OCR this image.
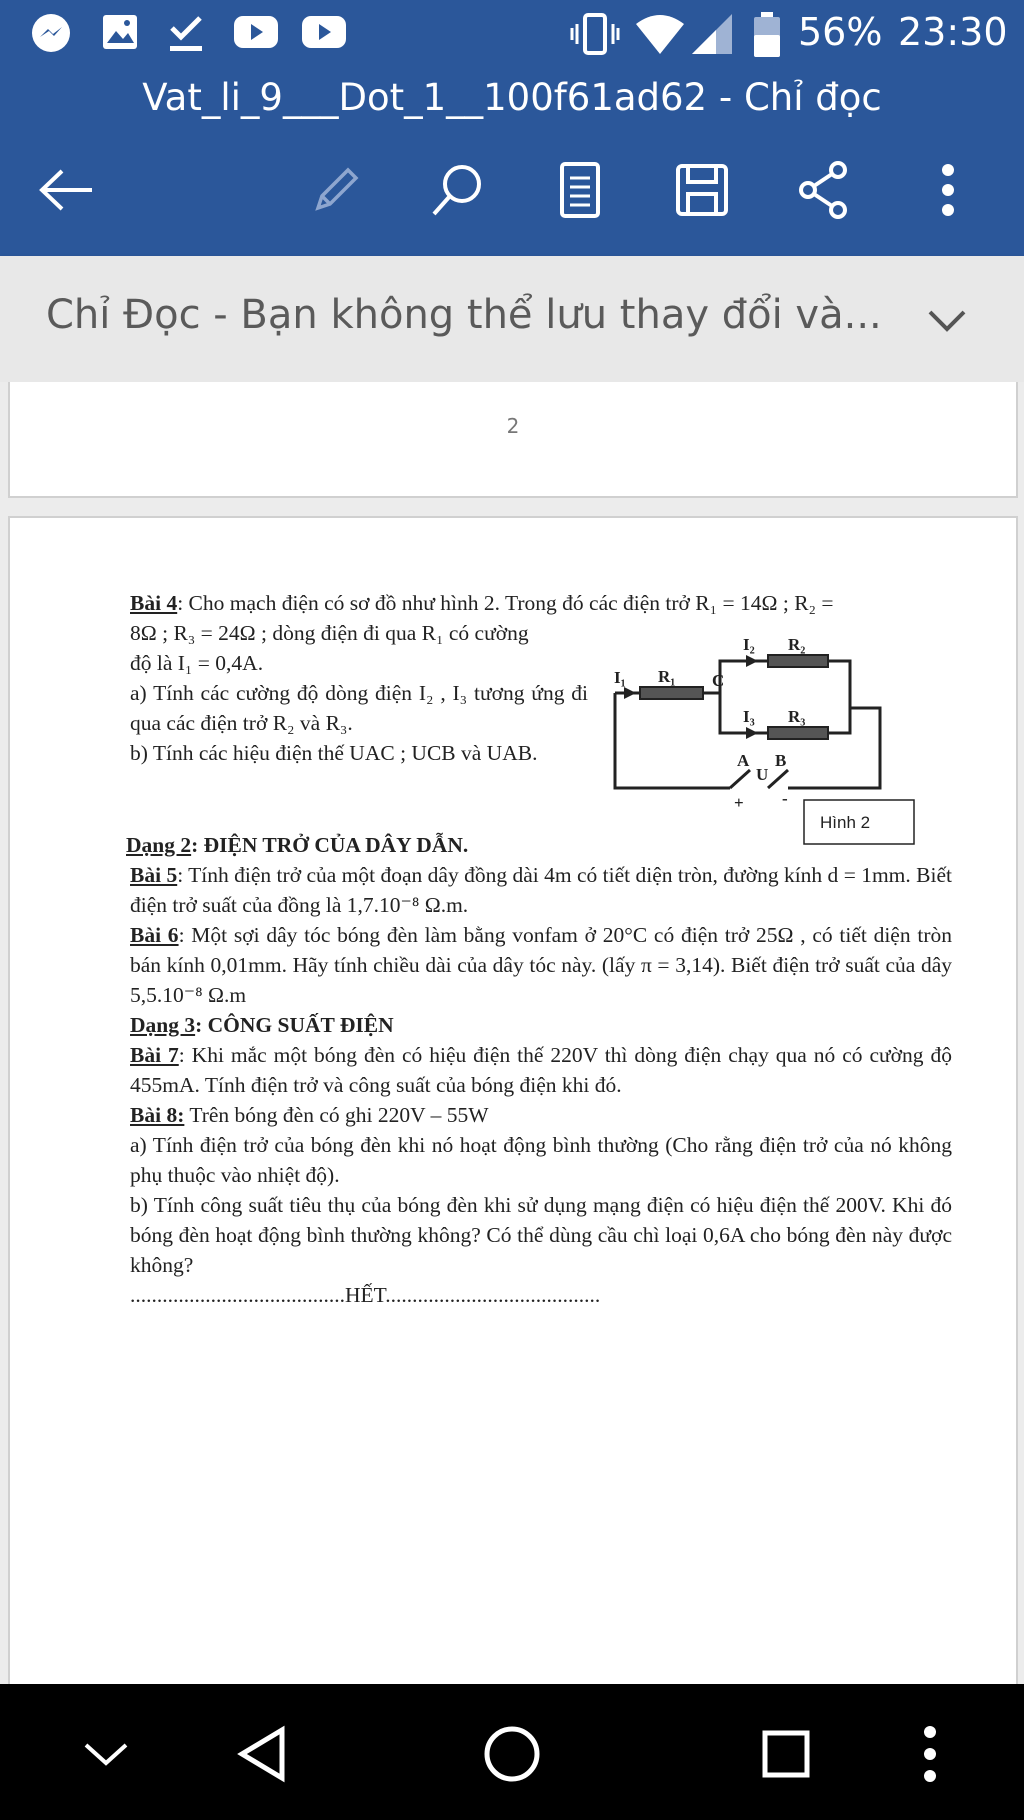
56% 23:30
Vat_li_9___Dot_1__100f61ad62 - Chỉ đọc
Chỉ Đọc - Bạn không thể lưu thay đổi và...
2
I₁ R₁ C
I₂ R₂
I₃ R₃
A
U
B
+ -
Hình 2

Bài 4: Cho mạch điện có sơ đồ như hình 2. Trong đó các điện trở R₁ = 14Ω ; R₂ =

8Ω ; R₃ = 24Ω ; dòng điện đi qua R₁ có cường

độ là I₁ = 0,4A.

a) Tính các cường độ dòng điện I₂ , I₃ tương ứng đi qua các điện trở R₂ và R₃.

b) Tính các hiệu điện thế UAC ; UCB và UAB.

Dạng 2: ĐIỆN TRỞ CỦA DÂY DẪN.

Bài 5: Tính điện trở của một đoạn dây đồng dài 4m có tiết diện tròn, đường kính d = 1mm. Biết điện trở suất của đồng là 1,7.10⁻⁸ Ω.m.

Bài 6: Một sợi dây tóc bóng đèn làm bằng vonfam ở 20°C có điện trở 25Ω , có tiết diện tròn bán kính 0,01mm. Hãy tính chiều dài của dây tóc này. (lấy π = 3,14). Biết điện trở suất của dây 5,5.10⁻⁸ Ω.m

Dạng 3: CÔNG SUẤT ĐIỆN

Bài 7: Khi mắc một bóng đèn có hiệu điện thế 220V thì dòng điện chạy qua nó có cường độ 455mA. Tính điện trở và công suất của bóng điện khi đó.

Bài 8: Trên bóng đèn có ghi 220V – 55W

a) Tính điện trở của bóng đèn khi nó hoạt động bình thường (Cho rằng điện trở của nó không phụ thuộc vào nhiệt độ).

b) Tính công suất tiêu thụ của bóng đèn khi sử dụng mạng điện có hiệu điện thế 200V. Khi đó bóng đèn hoạt động bình thường không? Có thể dùng cầu chì loại 0,6A cho bóng đèn này được không?

........................................HẾT........................................
